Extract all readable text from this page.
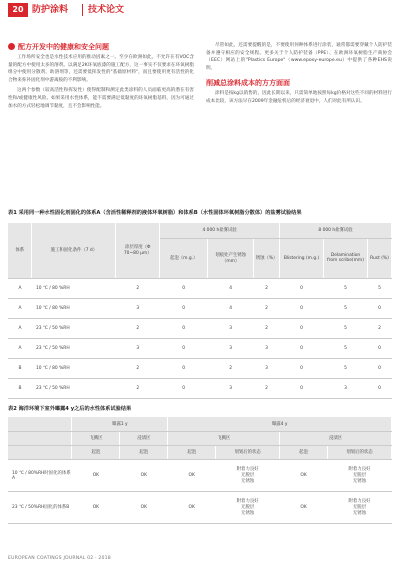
20 防护涂料 技术论文
配方开发中的健康和安全问题

工作场所安全也是水性技术应用的推动因素之一。至少在欧洲如此，不允许在有VOC含量的配方中使用太多的溶剂。以满足2K环氧底漆的施工配方，这一事实不仅要求在环氧树脂组分中使用分散剂、助溶剂等，还需要低挥发性的"基础原材料"，而且要使用更有活性的化合物来弥补固化剂中游离胺的不利影响。

这两个参数（较高活性和挥发性）使得配制和测定此类涂料的人员面临更高的潜在有害性和/或健康性风险。如果采用水性体系，能不需要满足低黏度的环氧树脂基料，因为可通过加水的方式轻松地调节黏度，且不会影响性能。

尽管如此，还需要提醒的是，不要使用何种体系进行涂装，通常都需要穿戴个人防护装备并遵守相应的安全规程。更多关于个人防护装备（PPE）、在欧洲环氧树脂生产商协会（EEC）网站上的"Plastics Europe"（www.epoxy-europe.eu）中提供了各种EHS说明。

削减总涂料成本的方方面面

涂料是按kg以销售的，因此长期以来，只需简单地按照每kg价格对这些不同的材料进行成本比较，该方法早在2009年金融危机后的经济衰退中，人们对此有所认识。

表1 采用同一种水性固化剂固化的体系A（含活性稀释剂的液体环氧树脂）和体系B（水性固体环氧树脂分散体）的盐雾试验结果
体系	施工和固化条件（7 d）	涂层厚度（Φ 70~80 μm）	4 000 h盐雾试验			8 000 h盐雾试验		
			起泡（m.g.）	划痕处产生锈蚀（mm）	锈蚀（%）	Blistering (m.g.)	Delamination from scribe(mm)	Rust (%)
A	10 ℃ / 80 %RH	2	0	4	2	0	5	5
A	10 ℃ / 80 %RH	3	0	4	2	0	5	0
A	23 ℃ / 50 %RH	2	0	3	2	0	5	2
A	23 ℃ / 50 %RH	3	0	3	3	0	5	0
B	10 ℃ / 80 %RH	2	0	2	3	0	5	0
B	23 ℃ / 50 %RH	2	0	3	2	0	3	0
表2 海洋环境下室外曝露4 y之后的水性体系试验结果
	曝露1 y		曝露4 y			
	飞溅区	浸渍区	飞溅区		浸渍区	
	起泡	起泡	起泡	划划后的状态	起泡	划划后的状态
10 ℃ / 80%RH时固化的体系A	OK	OK	OK	附着力良好
无脱层
无锈蚀	OK	附着力良好
无脱层
无锈蚀
23 ℃ / 50%RH固化的体系B	OK	OK	OK	附着力良好
无脱层
无锈蚀	OK	附着力良好
无脱层
无锈蚀
EUROPEAN COATINGS JOURNAL 02 · 2018
